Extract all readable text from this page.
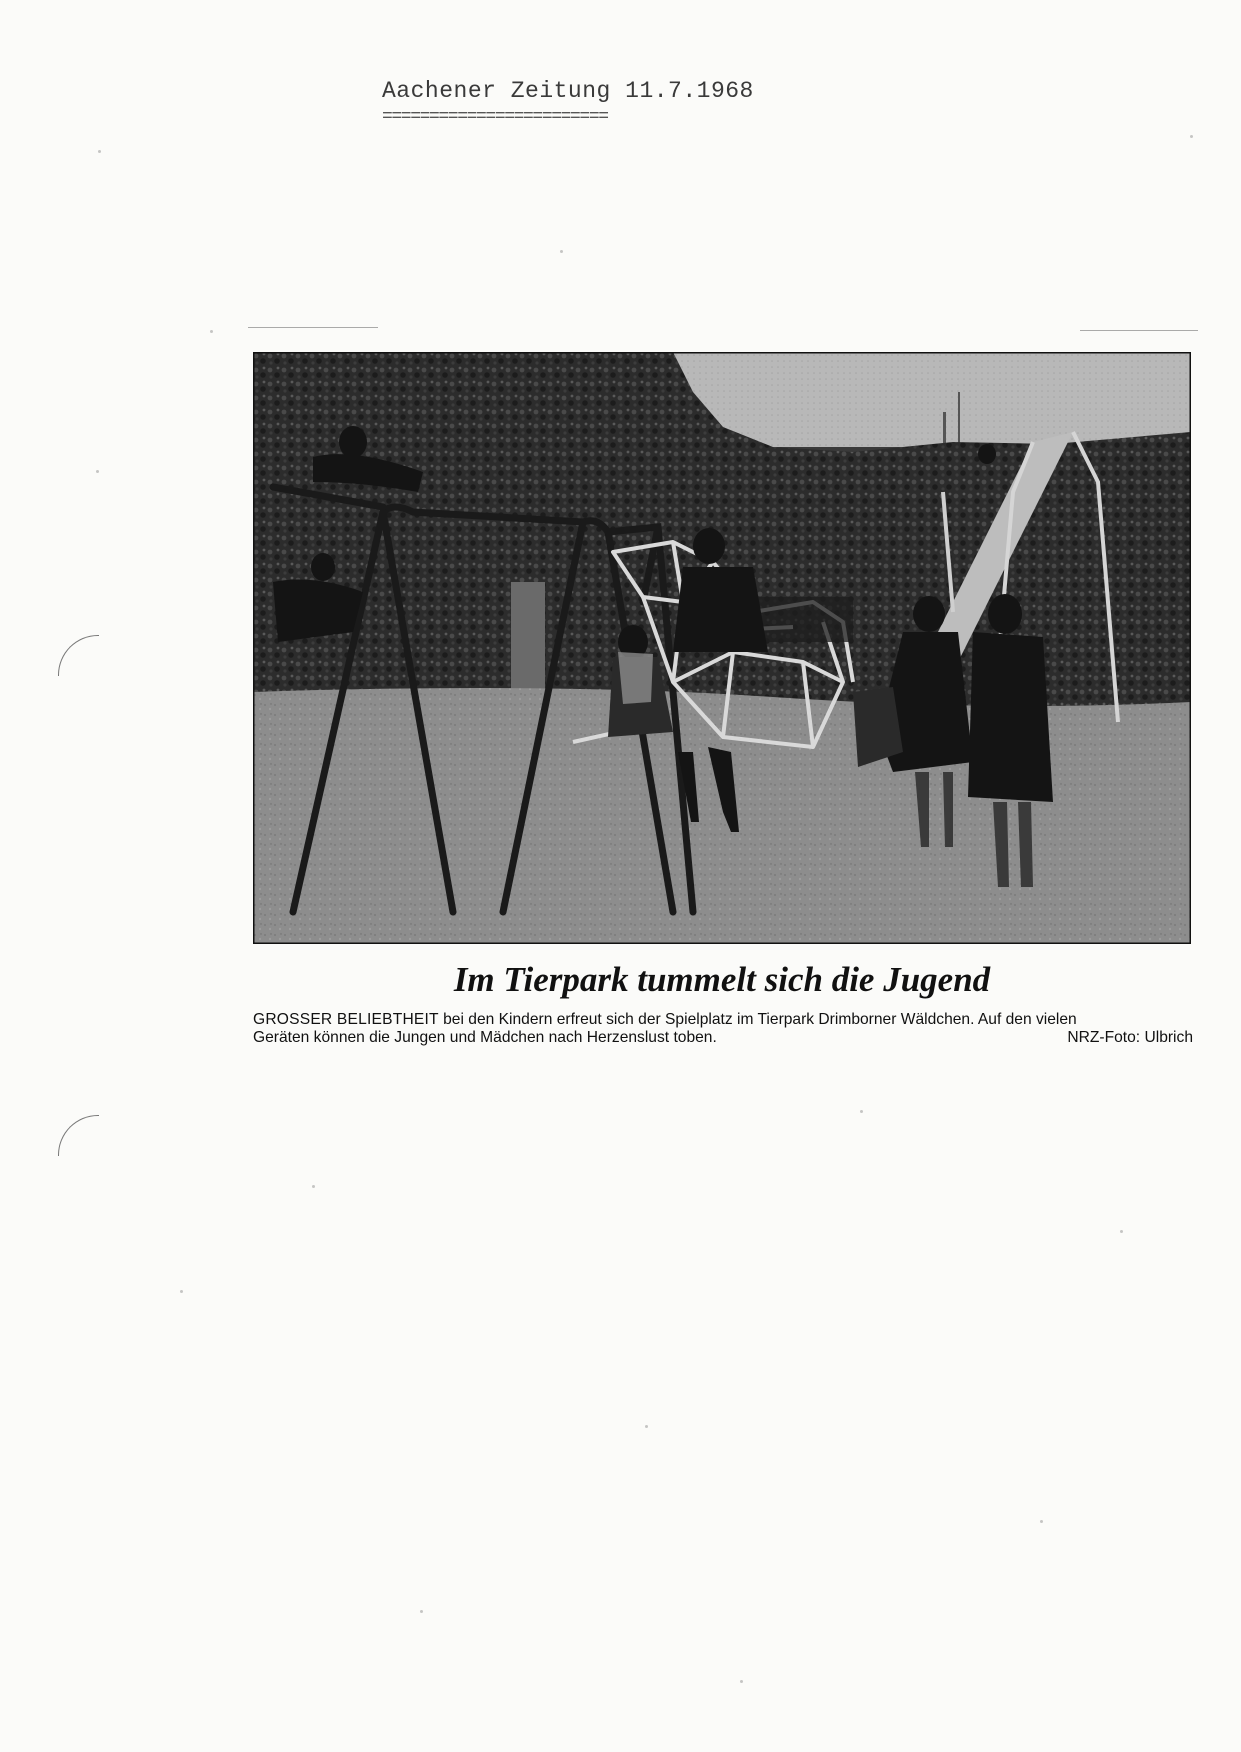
Aachener Zeitung 11.7.1968
========================
Im Tierpark tummelt sich die Jugend
GROSSER BELIEBTHEIT bei den Kindern erfreut sich der Spielplatz im Tierpark Drimborner Wäldchen. Auf den vielen
Geräten können die Jungen und Mädchen nach Herzenslust toben.	NRZ-Foto: Ulbrich
